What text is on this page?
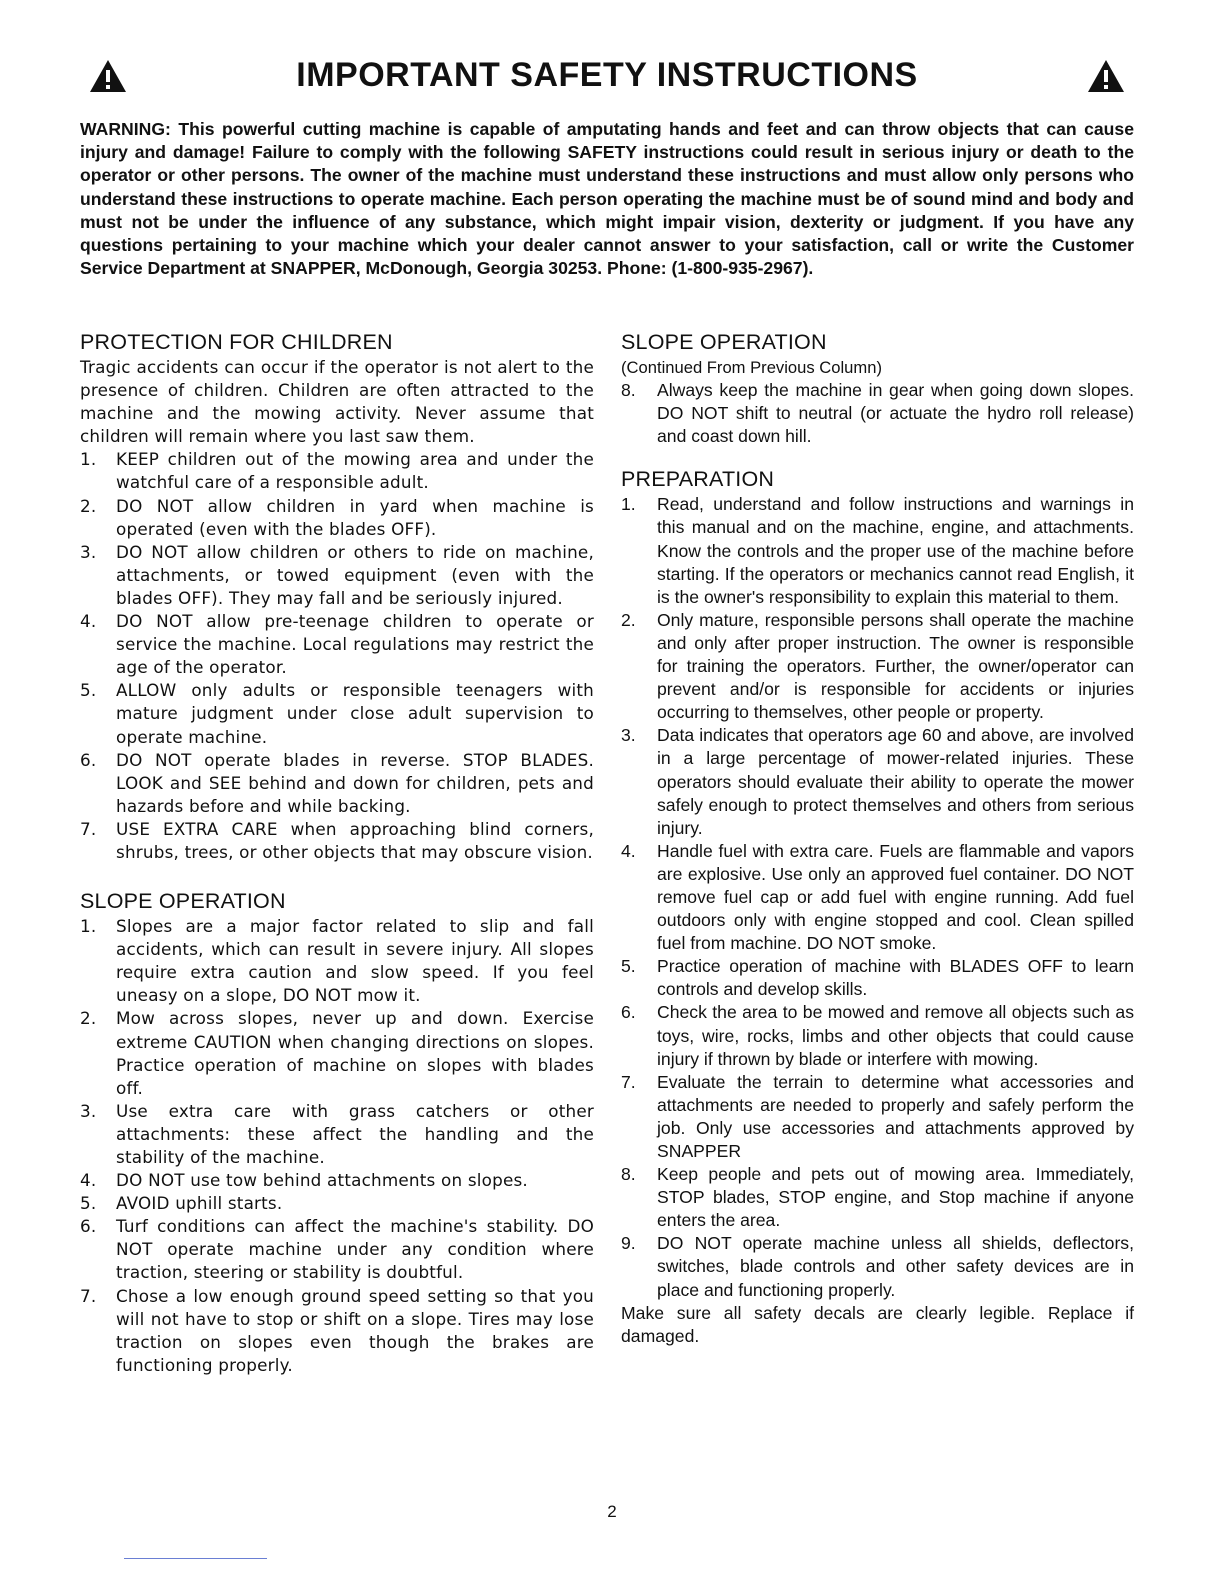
IMPORTANT SAFETY INSTRUCTIONS

WARNING: This powerful cutting machine is capable of amputating hands and feet and can throw objects that can cause injury and damage! Failure to comply with the following SAFETY instructions could result in serious injury or death to the operator or other persons. The owner of the machine must understand these instructions and must allow only persons who understand these instructions to operate machine. Each person operating the machine must be of sound mind and body and must not be under the influence of any substance, which might impair vision, dexterity or judgment. If you have any questions pertaining to your machine which your dealer cannot answer to your satisfaction, call or write the Customer Service Department at SNAPPER, McDonough, Georgia 30253. Phone: (1-800-935-2967).

PROTECTION FOR CHILDREN

Tragic accidents can occur if the operator is not alert to the presence of children. Children are often attracted to the machine and the mowing activity. Never assume that children will remain where you last saw them.

1. KEEP children out of the mowing area and under the watchful care of a responsible adult.
2. DO NOT allow children in yard when machine is operated (even with the blades OFF).
3. DO NOT allow children or others to ride on machine, attachments, or towed equipment (even with the blades OFF). They may fall and be seriously injured.
4. DO NOT allow pre-teenage children to operate or service the machine. Local regulations may restrict the age of the operator.
5. ALLOW only adults or responsible teenagers with mature judgment under close adult supervision to operate machine.
6. DO NOT operate blades in reverse. STOP BLADES. LOOK and SEE behind and down for children, pets and hazards before and while backing.
7. USE EXTRA CARE when approaching blind corners, shrubs, trees, or other objects that may obscure vision.
SLOPE OPERATION
1. Slopes are a major factor related to slip and fall accidents, which can result in severe injury. All slopes require extra caution and slow speed. If you feel uneasy on a slope, DO NOT mow it.
2. Mow across slopes, never up and down. Exercise extreme CAUTION when changing directions on slopes. Practice operation of machine on slopes with blades off.
3. Use extra care with grass catchers or other attachments: these affect the handling and the stability of the machine.
4. DO NOT use tow behind attachments on slopes.
5. AVOID uphill starts.
6. Turf conditions can affect the machine's stability. DO NOT operate machine under any condition where traction, steering or stability is doubtful.
7. Chose a low enough ground speed setting so that you will not have to stop or shift on a slope. Tires may lose traction on slopes even though the brakes are functioning properly.
SLOPE OPERATION

(Continued From Previous Column)

8. Always keep the machine in gear when going down slopes. DO NOT shift to neutral (or actuate the hydro roll release) and coast down hill.
PREPARATION
1. Read, understand and follow instructions and warnings in this manual and on the machine, engine, and attachments. Know the controls and the proper use of the machine before starting. If the operators or mechanics cannot read English, it is the owner's responsibility to explain this material to them.
2. Only mature, responsible persons shall operate the machine and only after proper instruction. The owner is responsible for training the operators. Further, the owner/operator can prevent and/or is responsible for accidents or injuries occurring to themselves, other people or property.
3. Data indicates that operators age 60 and above, are involved in a large percentage of mower-related injuries. These operators should evaluate their ability to operate the mower safely enough to protect themselves and others from serious injury.
4. Handle fuel with extra care. Fuels are flammable and vapors are explosive. Use only an approved fuel container. DO NOT remove fuel cap or add fuel with engine running. Add fuel outdoors only with engine stopped and cool. Clean spilled fuel from machine. DO NOT smoke.
5. Practice operation of machine with BLADES OFF to learn controls and develop skills.
6. Check the area to be mowed and remove all objects such as toys, wire, rocks, limbs and other objects that could cause injury if thrown by blade or interfere with mowing.
7. Evaluate the terrain to determine what accessories and attachments are needed to properly and safely perform the job. Only use accessories and attachments approved by SNAPPER
8. Keep people and pets out of mowing area. Immediately, STOP blades, STOP engine, and Stop machine if anyone enters the area.
9. DO NOT operate machine unless all shields, deflectors, switches, blade controls and other safety devices are in place and functioning properly.

Make sure all safety decals are clearly legible. Replace if damaged.

2
